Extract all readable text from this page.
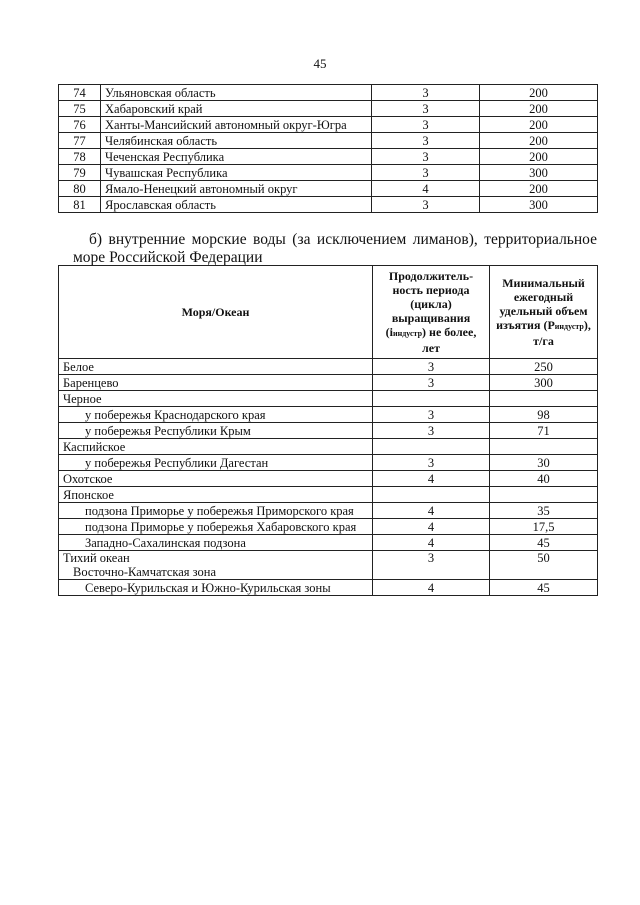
45
74	Ульяновская область	3	200
75	Хабаровский край	3	200
76	Ханты-Мансийский автономный округ-Югра	3	200
77	Челябинская область	3	200
78	Чеченская Республика	3	200
79	Чувашская Республика	3	300
80	Ямало-Ненецкий автономный округ	4	200
81	Ярославская область	3	300
б) внутренние морские воды (за исключением лиманов), территориальное море Российской Федерации
Моря/Океан	Продолжитель-ность периода (цикла) выращивания (iиндустр) не более, лет	Минимальный ежегодный удельный объем изъятия (Pиндустр), т/га
Белое	3	250
Баренцево	3	300
Черное		
у побережья Краснодарского края	3	98
у побережья Республики Крым	3	71
Каспийское		
у побережья Республики Дагестан	3	30
Охотское	4	40
Японское		
подзона Приморье у побережья Приморского края	4	35
подзона Приморье у побережья Хабаровского края	4	17,5
Западно-Сахалинская подзона	4	45
Тихий океан
Восточно-Камчатская зона	3	50
Северо-Курильская и Южно-Курильская зоны	4	45
